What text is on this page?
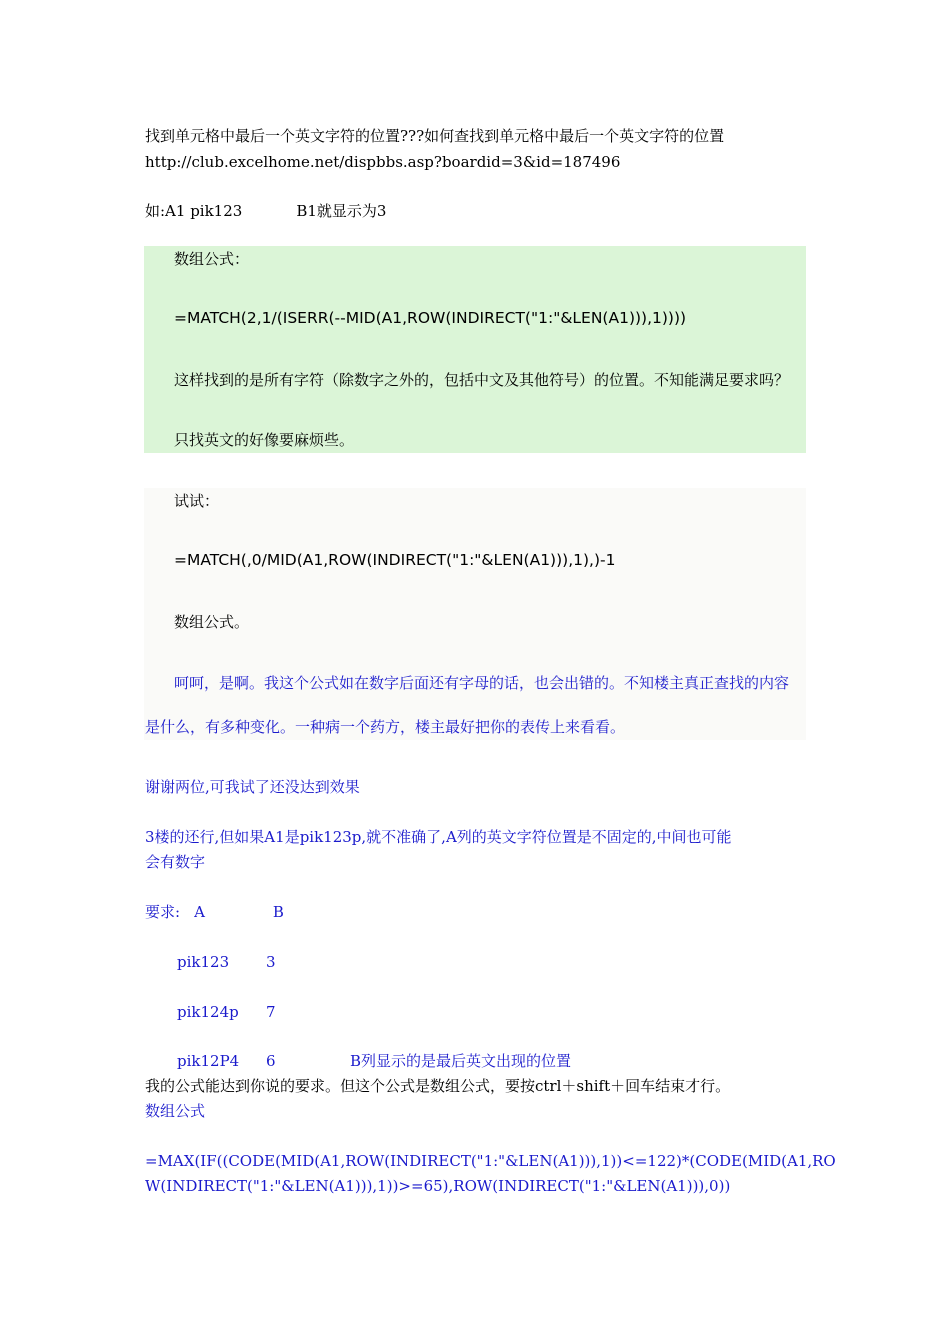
找到单元格中最后一个英文字符的位置???如何查找到单元格中最后一个英文字符的位置
http://club.excelhome.net/dispbbs.asp?boardid=3&id=187496
如:A1 pik123	B1就显示为3
数组公式：
=MATCH(2,1/(ISERR(--MID(A1,ROW(INDIRECT("1:"&LEN(A1))),1))))
这样找到的是所有字符（除数字之外的，包括中文及其他符号）的位置。不知能满足要求吗？
只找英文的好像要麻烦些。
试试：
=MATCH(,0/MID(A1,ROW(INDIRECT("1:"&LEN(A1))),1),)-1
数组公式。
呵呵，是啊。我这个公式如在数字后面还有字母的话，也会出错的。不知楼主真正查找的内容
是什么，有多种变化。一种病一个药方，楼主最好把你的表传上来看看。
谢谢两位,可我试了还没达到效果
3楼的还行,但如果A1是pik123p,就不准确了,A列的英文字符位置是不固定的,中间也可能
会有数字
要求: A	B
pik123 3
pik124p 7
pik12P4 6	B列显示的是最后英文出现的位置
我的公式能达到你说的要求。但这个公式是数组公式，要按ctrl＋shift＋回车结束才行。
数组公式
=MAX(IF((CODE(MID(A1,ROW(INDIRECT("1:"&LEN(A1))),1))<=122)*(CODE(MID(A1,RO
W(INDIRECT("1:"&LEN(A1))),1))>=65),ROW(INDIRECT("1:"&LEN(A1))),0))
